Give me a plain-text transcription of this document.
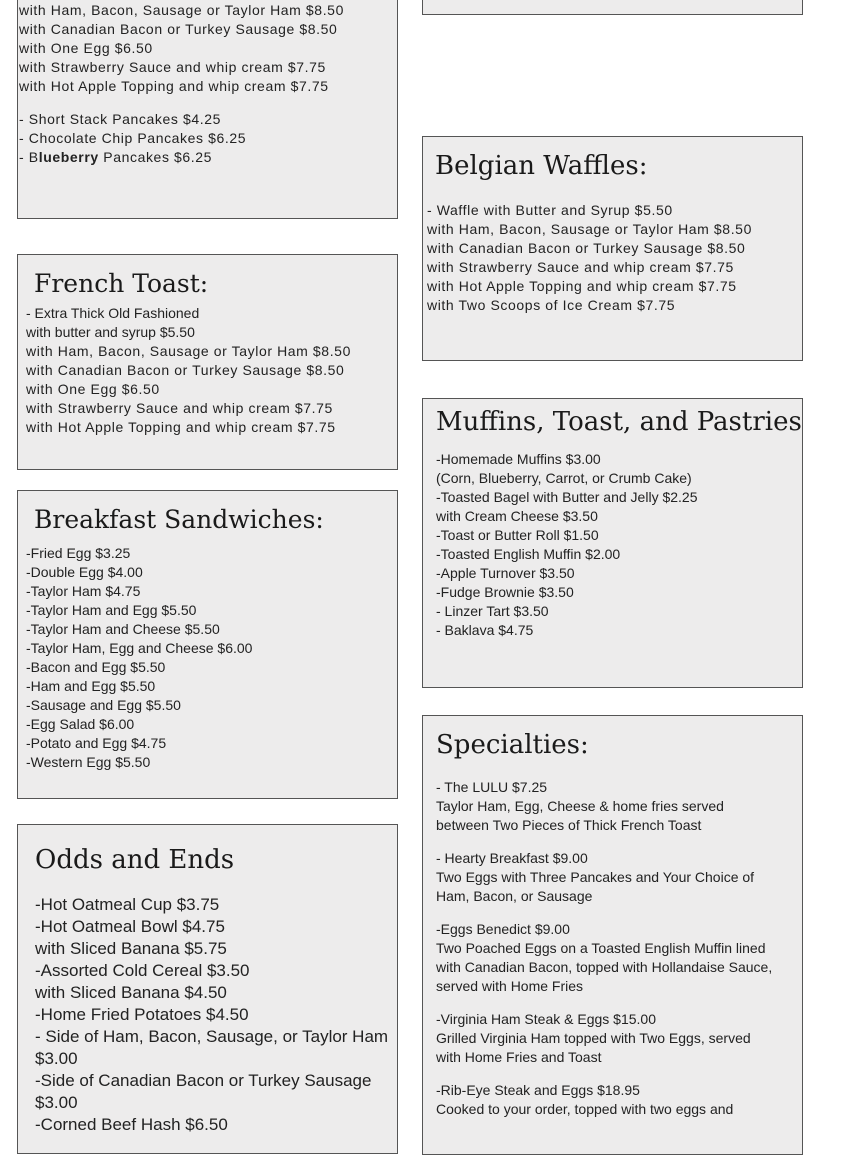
with Ham, Bacon, Sausage or Taylor Ham $8.50
with Canadian Bacon or Turkey Sausage $8.50
with One Egg $6.50
with Strawberry Sauce and whip cream $7.75
with Hot Apple Topping and whip cream $7.75
- Short Stack Pancakes $4.25
- Chocolate Chip Pancakes $6.25
- Blueberry Pancakes $6.25
French Toast:
- Extra Thick Old Fashioned
with butter and syrup $5.50
with Ham, Bacon, Sausage or Taylor Ham $8.50
with Canadian Bacon or Turkey Sausage $8.50
with One Egg $6.50
with Strawberry Sauce and whip cream $7.75
with Hot Apple Topping and whip cream $7.75
Breakfast Sandwiches:
-Fried Egg $3.25
-Double Egg $4.00
-Taylor Ham $4.75
-Taylor Ham and Egg $5.50
-Taylor Ham and Cheese $5.50
-Taylor Ham, Egg and Cheese $6.00
-Bacon and Egg $5.50
-Ham and Egg $5.50
-Sausage and Egg $5.50
-Egg Salad $6.00
-Potato and Egg $4.75
-Western Egg $5.50
Odds and Ends
-Hot Oatmeal Cup $3.75
-Hot Oatmeal Bowl $4.75
with Sliced Banana $5.75
-Assorted Cold Cereal $3.50
with Sliced Banana $4.50
-Home Fried Potatoes $4.50
- Side of Ham, Bacon, Sausage, or Taylor Ham
$3.00
-Side of Canadian Bacon or Turkey Sausage
$3.00
-Corned Beef Hash $6.50
Belgian Waffles:
- Waffle with Butter and Syrup $5.50
with Ham, Bacon, Sausage or Taylor Ham $8.50
with Canadian Bacon or Turkey Sausage $8.50
with Strawberry Sauce and whip cream $7.75
with Hot Apple Topping and whip cream $7.75
with Two Scoops of Ice Cream $7.75
Muffins, Toast, and Pastries
-Homemade Muffins $3.00
(Corn, Blueberry, Carrot, or Crumb Cake)
-Toasted Bagel with Butter and Jelly $2.25
with Cream Cheese $3.50
-Toast or Butter Roll $1.50
-Toasted English Muffin $2.00
-Apple Turnover $3.50
-Fudge Brownie $3.50
- Linzer Tart $3.50
- Baklava $4.75
Specialties:
- The LULU $7.25
Taylor Ham, Egg, Cheese & home fries served
between Two Pieces of Thick French Toast
- Hearty Breakfast $9.00
Two Eggs with Three Pancakes and Your Choice of
Ham, Bacon, or Sausage
-Eggs Benedict $9.00
Two Poached Eggs on a Toasted English Muffin lined
with Canadian Bacon, topped with Hollandaise Sauce,
served with Home Fries
-Virginia Ham Steak & Eggs $15.00
Grilled Virginia Ham topped with Two Eggs, served
with Home Fries and Toast
-Rib-Eye Steak and Eggs $18.95
Cooked to your order, topped with two eggs and
